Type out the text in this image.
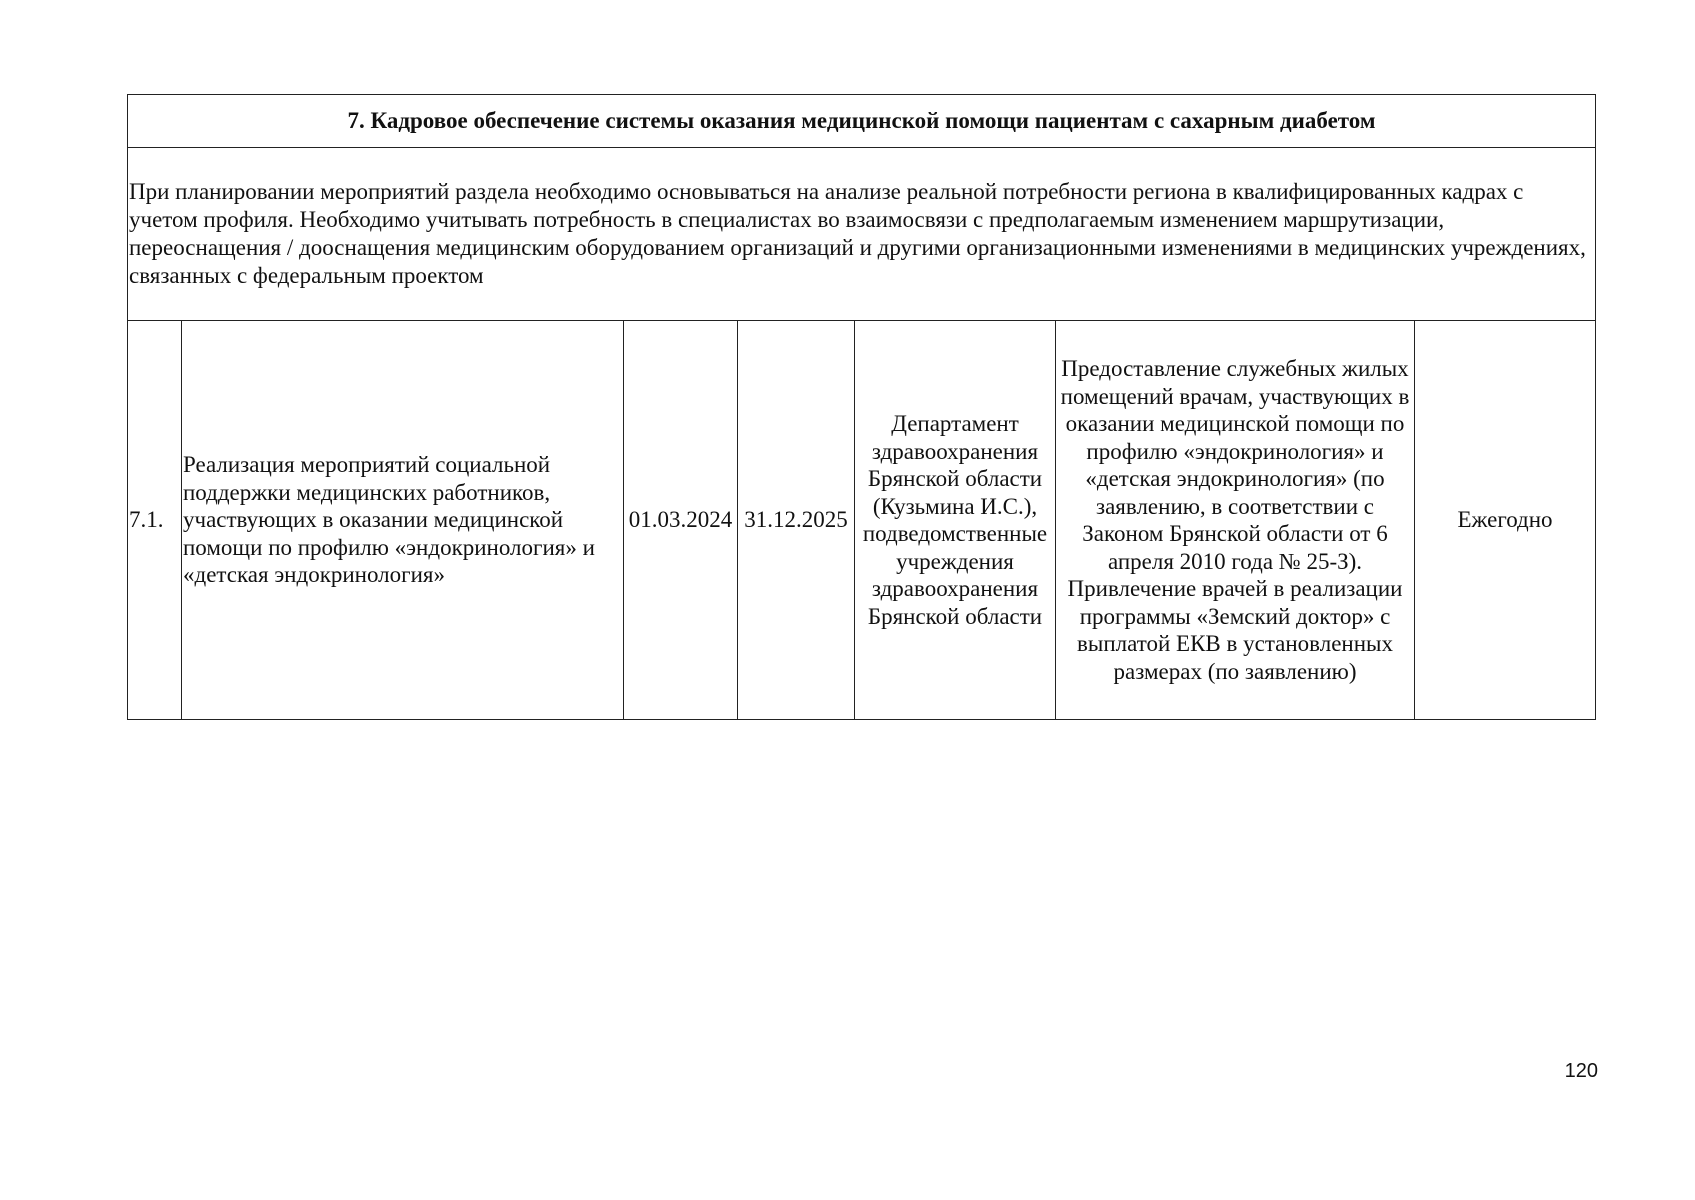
7. Кадровое обеспечение системы оказания медицинской помощи пациентам с сахарным диабетом

При планировании мероприятий раздела необходимо основываться на анализе реальной потребности региона в квалифицированных кадрах с учетом профиля. Необходимо учитывать потребность в специалистах во взаимосвязи с предполагаемым изменением маршрутизации, переоснащения / дооснащения медицинским оборудованием организаций и другими организационными изменениями в медицинских учреждениях, связанных с федеральным проектом

7.1.	Реализация мероприятий социальной поддержки медицинских работников, участвующих в оказании медицинской помощи по профилю «эндокринология» и «детская эндокринология»	01.03.2024	31.12.2025	Департамент здравоохранения Брянской области (Кузьмина И.С.), подведомственные учреждения здравоохранения Брянской области	Предоставление служебных жилых помещений врачам, участвующих в оказании медицинской помощи по профилю «эндокринология» и «детская эндокринология» (по заявлению, в соответствии с Законом Брянской области от 6 апреля 2010 года № 25-З). Привлечение врачей в реализации программы «Земский доктор» с выплатой ЕКВ в установленных размерах (по заявлению)	Ежегодно
120
